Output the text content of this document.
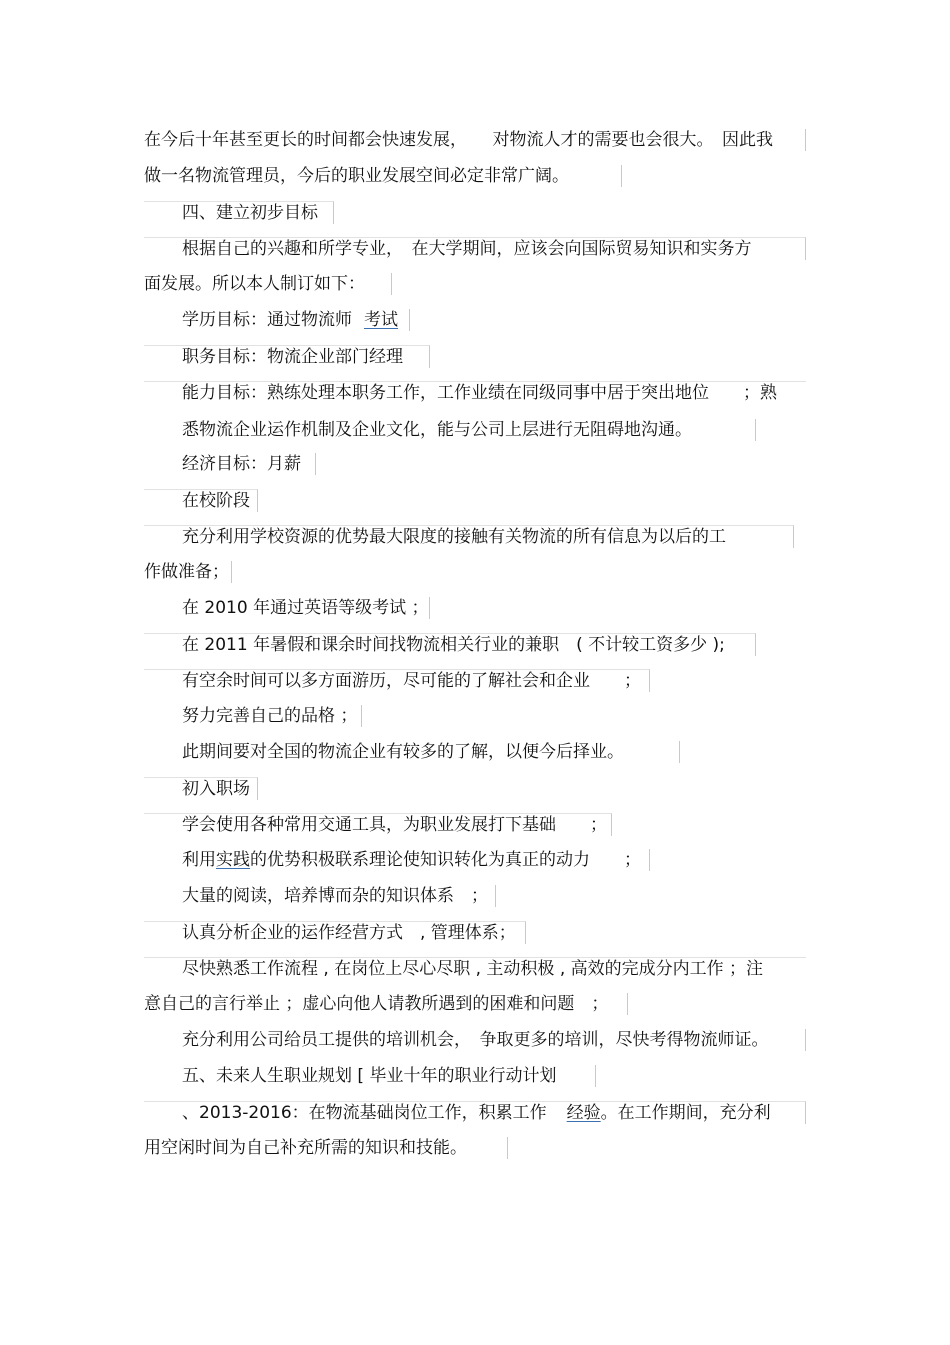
在今后十年甚至更长的时间都会快速发展，　　对物流人才的需要也会很大。　因此我
做一名物流管理员，今后的职业发展空间必定非常广阔。
四、建立初步目标
根据自己的兴趣和所学专业，　在大学期间，应该会向国际贸易知识和实务方
面发展。所以本人制订如下：
学历目标：通过物流师 考试
职务目标：物流企业部门经理
能力目标：熟练处理本职务工作，工作业绩在同级同事中居于突出地位　　；熟
悉物流企业运作机制及企业文化，能与公司上层进行无阻碍地沟通。
经济目标：月薪
在校阶段
充分利用学校资源的优势最大限度的接触有关物流的所有信息为以后的工
作做准备；
在 2010 年通过英语等级考试 ；
在 2011 年暑假和课余时间找物流相关行业的兼职　( 不计较工资多少 );
有空余时间可以多方面游历，尽可能的了解社会和企业　　；
努力完善自己的品格 ；
此期间要对全国的物流企业有较多的了解，以便今后择业。
初入职场
学会使用各种常用交通工具，为职业发展打下基础　　；
利用实践的优势积极联系理论使知识转化为真正的动力　　；
大量的阅读，培养博而杂的知识体系　；
认真分析企业的运作经营方式　, 管理体系；
尽快熟悉工作流程 , 在岗位上尽心尽职 , 主动积极 , 高效的完成分内工作 ；注
意自己的言行举止 ；虚心向他人请教所遇到的困难和问题　；
充分利用公司给员工提供的培训机会，　争取更多的培训，尽快考得物流师证。
五、未来人生职业规划 [ 毕业十年的职业行动计划
、2013-2016：在物流基础岗位工作，积累工作 经验。在工作期间，充分利
用空闲时间为自己补充所需的知识和技能。
